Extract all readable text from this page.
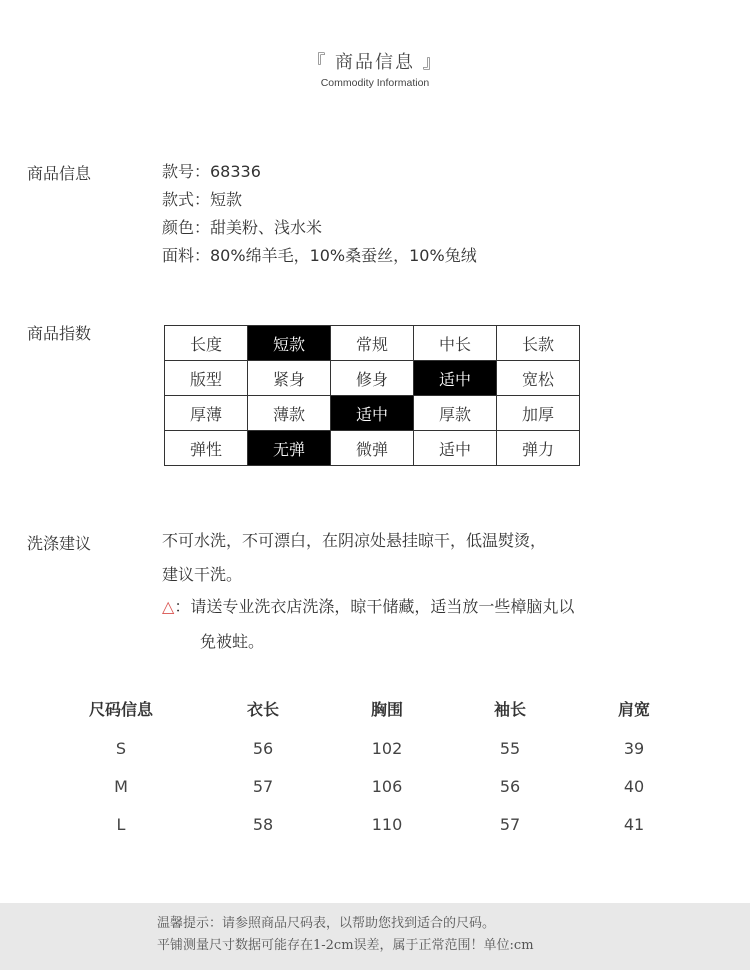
『 商品信息 』
Commodity Information
商品信息	款号：68336
款式：短款
颜色：甜美粉、浅水米
面料：80%绵羊毛，10%桑蚕丝，10%兔绒
商品指数
长度	短款	常规	中长	长款
版型	紧身	修身	适中	宽松
厚薄	薄款	适中	厚款	加厚
弹性	无弹	微弹	适中	弹力
洗涤建议	不可水洗，不可漂白，在阴凉处悬挂晾干，低温熨烫，
建议干洗。
△：请送专业洗衣店洗涤，晾干储藏，适当放一些樟脑丸以
免被蛀。
尺码信息	衣长	胸围	袖长	肩宽
S	56	102	55	39
M	57	106	56	40
L	58	110	57	41
温馨提示：请参照商品尺码表，以帮助您找到适合的尺码。
平铺测量尺寸数据可能存在1-2cm误差，属于正常范围！单位:cm
